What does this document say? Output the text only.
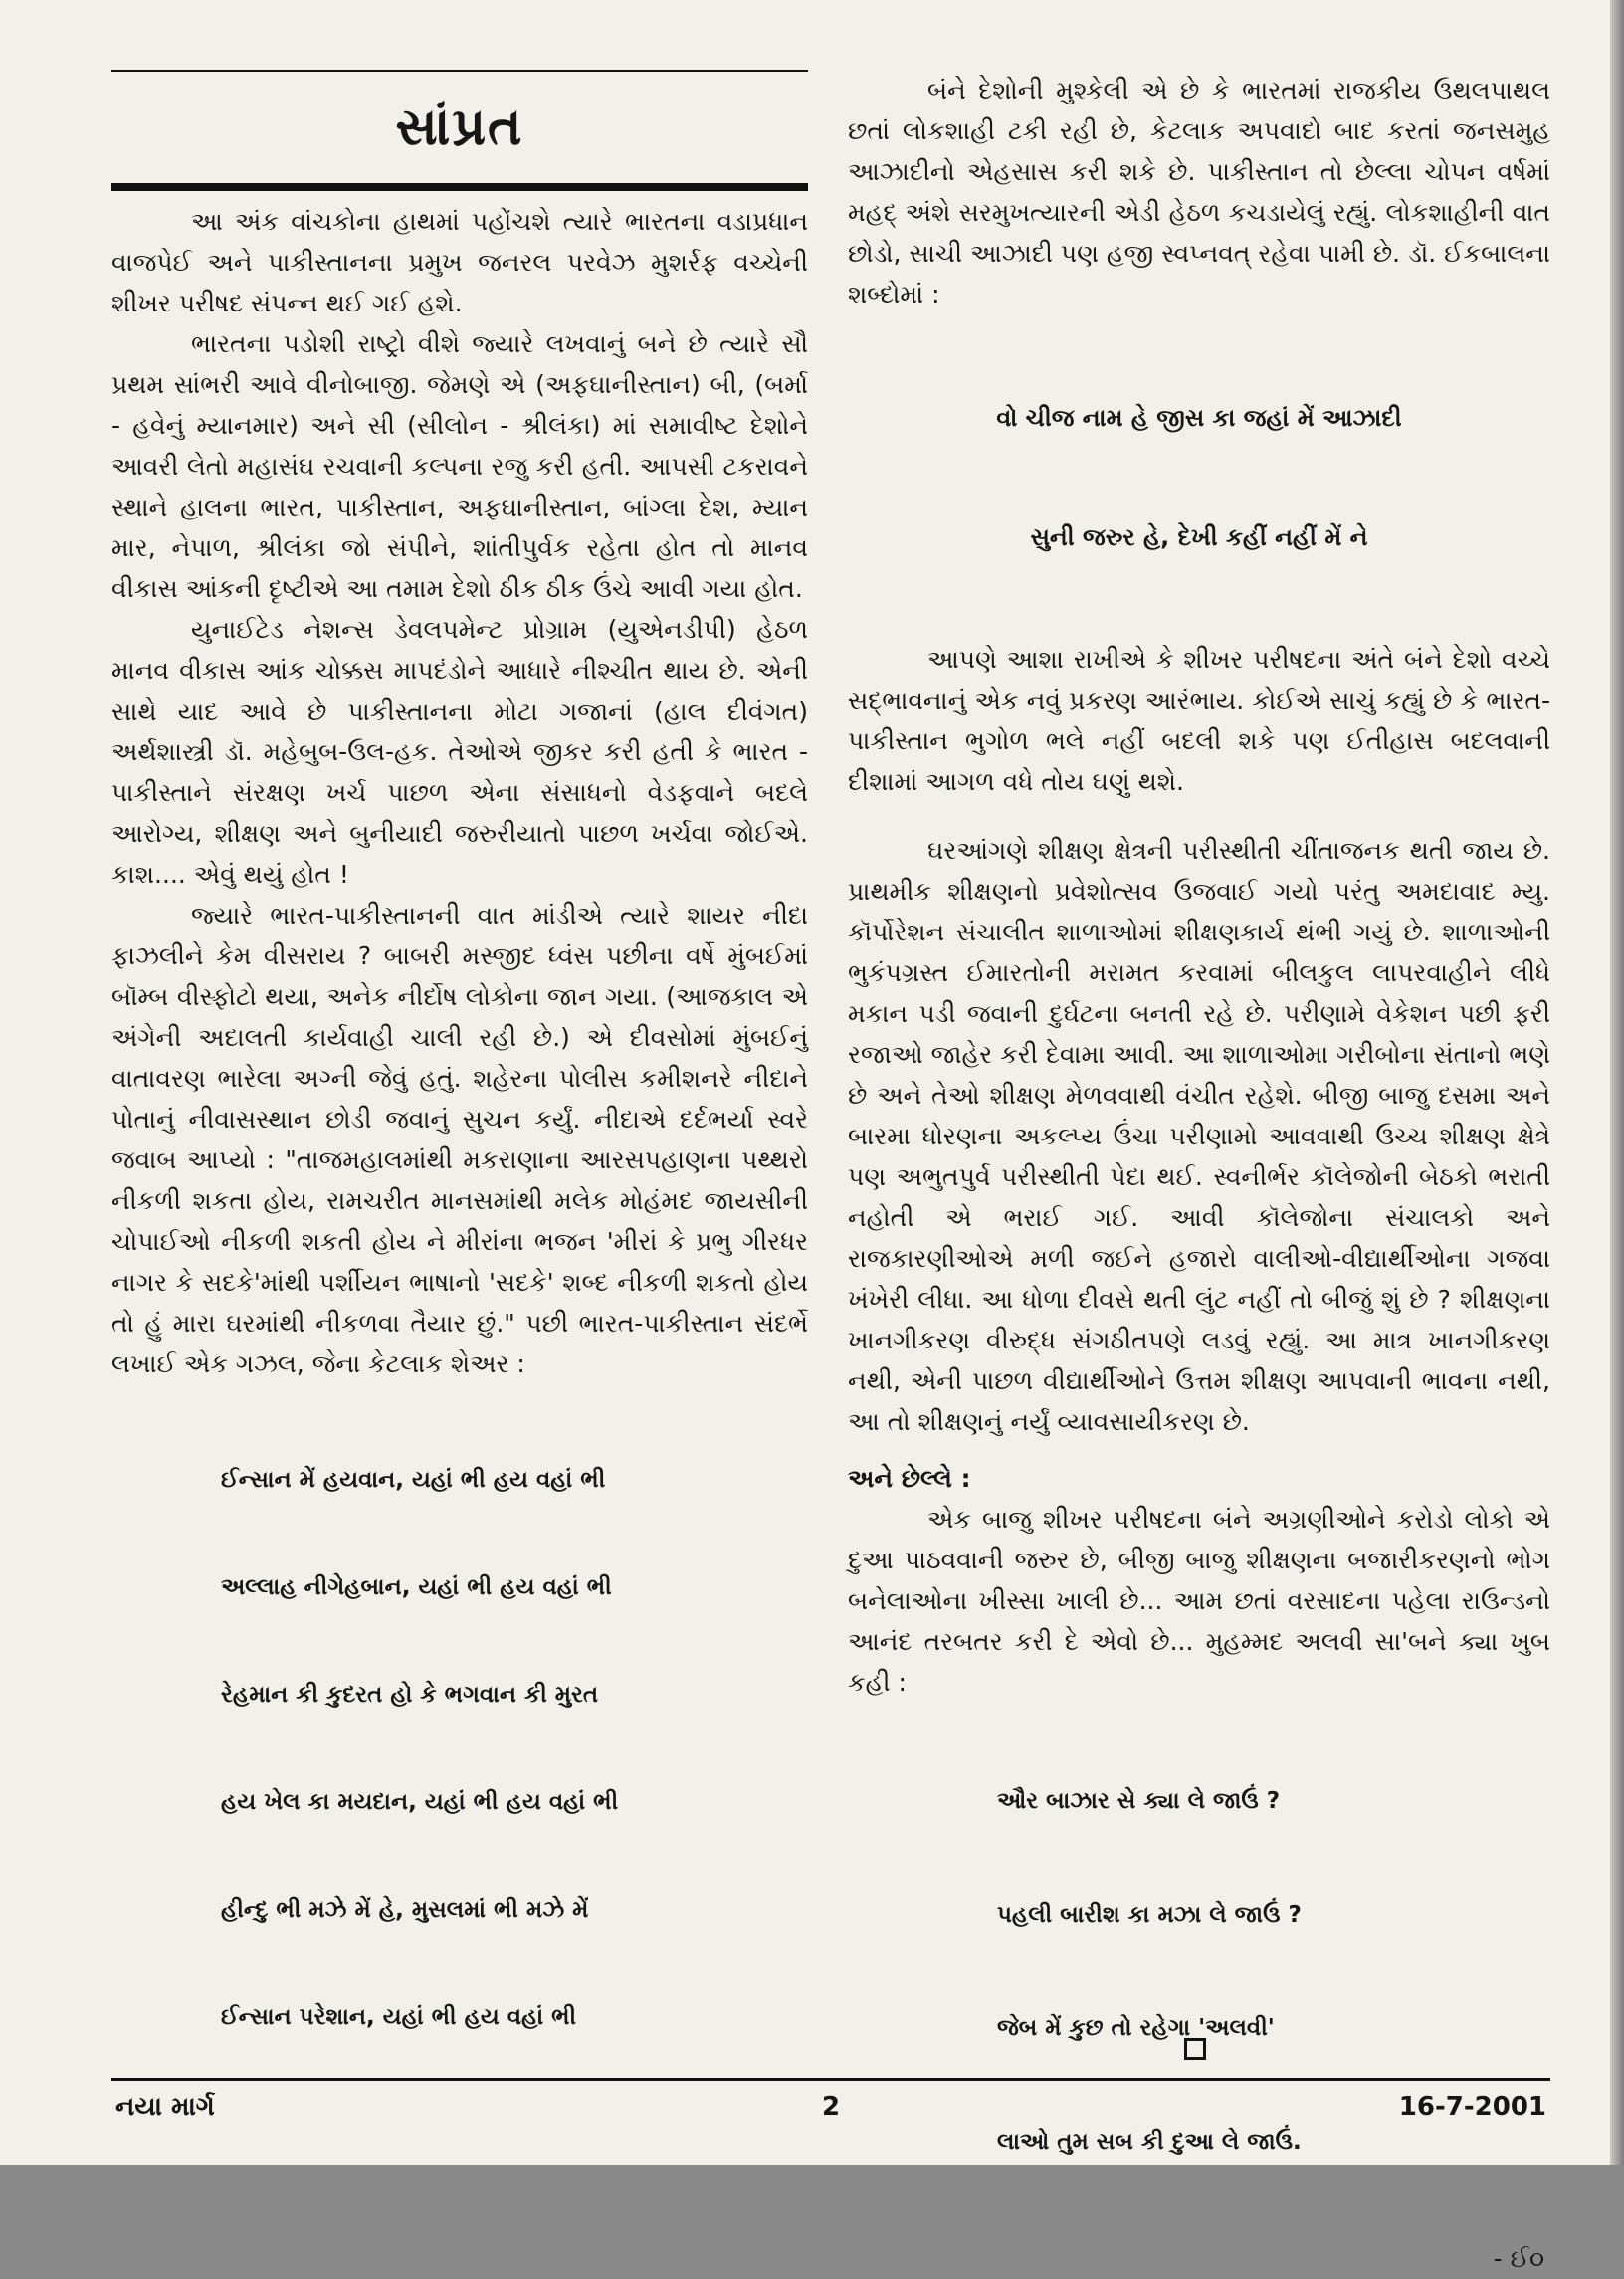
સાંપ્રત

આ અંક વાંચકોના હાથમાં પહોંચશે ત્યારે ભારતના વડાપ્રધાન વાજપેઈ અને પાકીસ્તાનના પ્રમુખ જનરલ પરવેઝ મુશર્રફ વચ્ચેની શીખર પરીષદ સંપન્ન થઈ ગઈ હશે.

ભારતના પડોશી રાષ્ટ્રો વીશે જ્યારે લખવાનું બને છે ત્યારે સૌ પ્રથમ સાંભરી આવે વીનોબાજી. જેમણે એ (અફઘાનીસ્તાન) બી, (બર્મા - હવેનું મ્યાનમાર) અને સી (સીલોન - શ્રીલંકા) માં સમાવીષ્ટ દેશોને આવરી લેતો મહાસંઘ રચવાની કલ્પના રજુ કરી હતી. આપસી ટકરાવને સ્થાને હાલના ભારત, પાકીસ્તાન, અફઘાનીસ્તાન, બાંગ્લા દેશ, મ્યાન માર, નેપાળ, શ્રીલંકા જો સંપીને, શાંતીપુર્વક રહેતા હોત તો માનવ વીકાસ આંકની દૃષ્ટીએ આ તમામ દેશો ઠીક ઠીક ઉંચે આવી ગયા હોત.

યુનાઈટેડ નેશન્સ ડેવલપમેન્ટ પ્રોગ્રામ (યુએનડીપી) હેઠળ માનવ વીકાસ આંક ચોક્કસ માપદંડોને આધારે નીશ્ચીત થાય છે. એની સાથે યાદ આવે છે પાકીસ્તાનના મોટા ગજાનાં (હાલ દીવંગત) અર્થશાસ્ત્રી ડૉ. મહેબુબ-ઉલ-હક. તેઓએ જીકર કરી હતી કે ભારત - પાકીસ્તાને સંરક્ષણ ખર્ચ પાછળ એના સંસાધનો વેડફવાને બદલે આરોગ્ય, શીક્ષણ અને બુનીયાદી જરુરીયાતો પાછળ ખર્ચવા જોઈએ. કાશ.... એવું થયું હોત !

જ્યારે ભારત-પાકીસ્તાનની વાત માંડીએ ત્યારે શાયર નીદા ફાઝલીને કેમ વીસરાય ? બાબરી મસ્જીદ ધ્વંસ પછીના વર્ષે મુંબઈમાં બૉમ્બ વીસ્ફોટો થયા, અનેક નીર્દોષ લોકોના જાન ગયા. (આજકાલ એ અંગેની અદાલતી કાર્યવાહી ચાલી રહી છે.) એ દીવસોમાં મુંબઈનું વાતાવરણ ભારેલા અગ્ની જેવું હતું. શહેરના પોલીસ કમીશનરે નીદાને પોતાનું નીવાસસ્થાન છોડી જવાનું સુચન કર્યું. નીદાએ દર્દભર્યા સ્વરે જવાબ આપ્યો : "તાજમહાલમાંથી મકરાણાના આરસપહાણના પથ્થરો નીકળી શકતા હોય, રામચરીત માનસમાંથી મલેક મોહંમદ જાયસીની ચોપાઈઓ નીકળી શકતી હોય ને મીરાંના ભજન 'મીરાં કે પ્રભુ ગીરધર નાગર કે સદકે'માંથી પર્શીયન ભાષાનો 'સદકે' શબ્દ નીકળી શકતો હોય તો હું મારા ઘરમાંથી નીકળવા તૈયાર છું." પછી ભારત-પાકીસ્તાન સંદર્ભે લખાઈ એક ગઝલ, જેના કેટલાક શેઅર :

ઈન્સાન મેં હયવાન, યહાં ભી હય વહાં ભી

અલ્લાહ નીગેહબાન, યહાં ભી હય વહાં ભી

રેહમાન કી કુદરત હો કે ભગવાન કી મુરત

હય ખેલ કા મયદાન, યહાં ભી હય વહાં ભી

હીન્દુ ભી મઝે મેં હે, મુસલમાં ભી મઝે મેં

ઈન્સાન પરેશાન, યહાં ભી હય વહાં ભી

બંને દેશોની મુશ્કેલી એ છે કે ભારતમાં રાજકીય ઉથલપાથલ છતાં લોકશાહી ટકી રહી છે, કેટલાક અપવાદો બાદ કરતાં જનસમુહ આઝાદીનો એહસાસ કરી શકે છે. પાકીસ્તાન તો છેલ્લા ચોપન વર્ષમાં મહદ્ અંશે સરમુખત્યારની એડી હેઠળ કચડાયેલું રહ્યું. લોકશાહીની વાત છોડો, સાચી આઝાદી પણ હજી સ્વપ્નવત્ રહેવા પામી છે. ડૉ. ઈકબાલના શબ્દોમાં :

વો ચીજ નામ હે જીસ કા જહાં મેં આઝાદી

સુની જરુર હે, દેખી કહીં નહીં મેં ને

આપણે આશા રાખીએ કે શીખર પરીષદના અંતે બંને દેશો વચ્ચે સદ્ભાવનાનું એક નવું પ્રકરણ આરંભાય. કોઈએ સાચું કહ્યું છે કે ભારત-પાકીસ્તાન ભુગોળ ભલે નહીં બદલી શકે પણ ઈતીહાસ બદલવાની દીશામાં આગળ વધે તોય ઘણું થશે.

ઘરઆંગણે શીક્ષણ ક્ષેત્રની પરીસ્થીતી ચીંતાજનક થતી જાય છે. પ્રાથમીક શીક્ષણનો પ્રવેશોત્સવ ઉજવાઈ ગયો પરંતુ અમદાવાદ મ્યુ. કૉર્પોરેશન સંચાલીત શાળાઓમાં શીક્ષણકાર્ય થંભી ગયું છે. શાળાઓની ભુકંપગ્રસ્ત ઈમારતોની મરામત કરવામાં બીલકુલ લાપરવાહીને લીધે મકાન પડી જવાની દુર્ઘટના બનતી રહે છે. પરીણામે વેકેશન પછી ફરી રજાઓ જાહેર કરી દેવામા આવી. આ શાળાઓમા ગરીબોના સંતાનો ભણે છે અને તેઓ શીક્ષણ મેળવવાથી વંચીત રહેશે. બીજી બાજુ દસમા અને બારમા ધોરણના અકલ્પ્ય ઉંચા પરીણામો આવવાથી ઉચ્ચ શીક્ષણ ક્ષેત્રે પણ અભુતપુર્વ પરીસ્થીતી પેદા થઈ. સ્વનીર્ભર કૉલેજોની બેઠકો ભરાતી નહોતી એ ભરાઈ ગઈ. આવી કૉલેજોના સંચાલકો અને રાજકારણીઓએ મળી જઈને હજારો વાલીઓ-વીદ્યાર્થીઓના ગજવા ખંખેરી લીધા. આ ધોળા દીવસે થતી લુંટ નહીં તો બીજું શું છે ? શીક્ષણના ખાનગીકરણ વીરુદ્ધ સંગઠીતપણે લડવું રહ્યું. આ માત્ર ખાનગીકરણ નથી, એની પાછળ વીદ્યાર્થીઓને ઉત્તમ શીક્ષણ આપવાની ભાવના નથી, આ તો શીક્ષણનું નર્યું વ્યાવસાયીકરણ છે.

અને છેલ્લે :

એક બાજુ શીખર પરીષદના બંને અગ્રણીઓને કરોડો લોકો એ દુઆ પાઠવવાની જરુર છે, બીજી બાજુ શીક્ષણના બજારીકરણનો ભોગ બનેલાઓના ખીસ્સા ખાલી છે... આમ છતાં વરસાદના પહેલા રાઉન્ડનો આનંદ તરબતર કરી દે એવો છે... મુહમ્મદ અલવી સા'બને ક્યા ખુબ કહી :

ઔર બાઝાર સે ક્યા લે જાઉં ?

પહલી બારીશ કા મઝા લે જાઉં ?

જેબ મેં કુછ તો રહેગા 'અલવી'

લાઓ તુમ સબ કી દુઆ લે જાઉં.

- ઈ૦
નયા માર્ગ	2	16-7-2001
